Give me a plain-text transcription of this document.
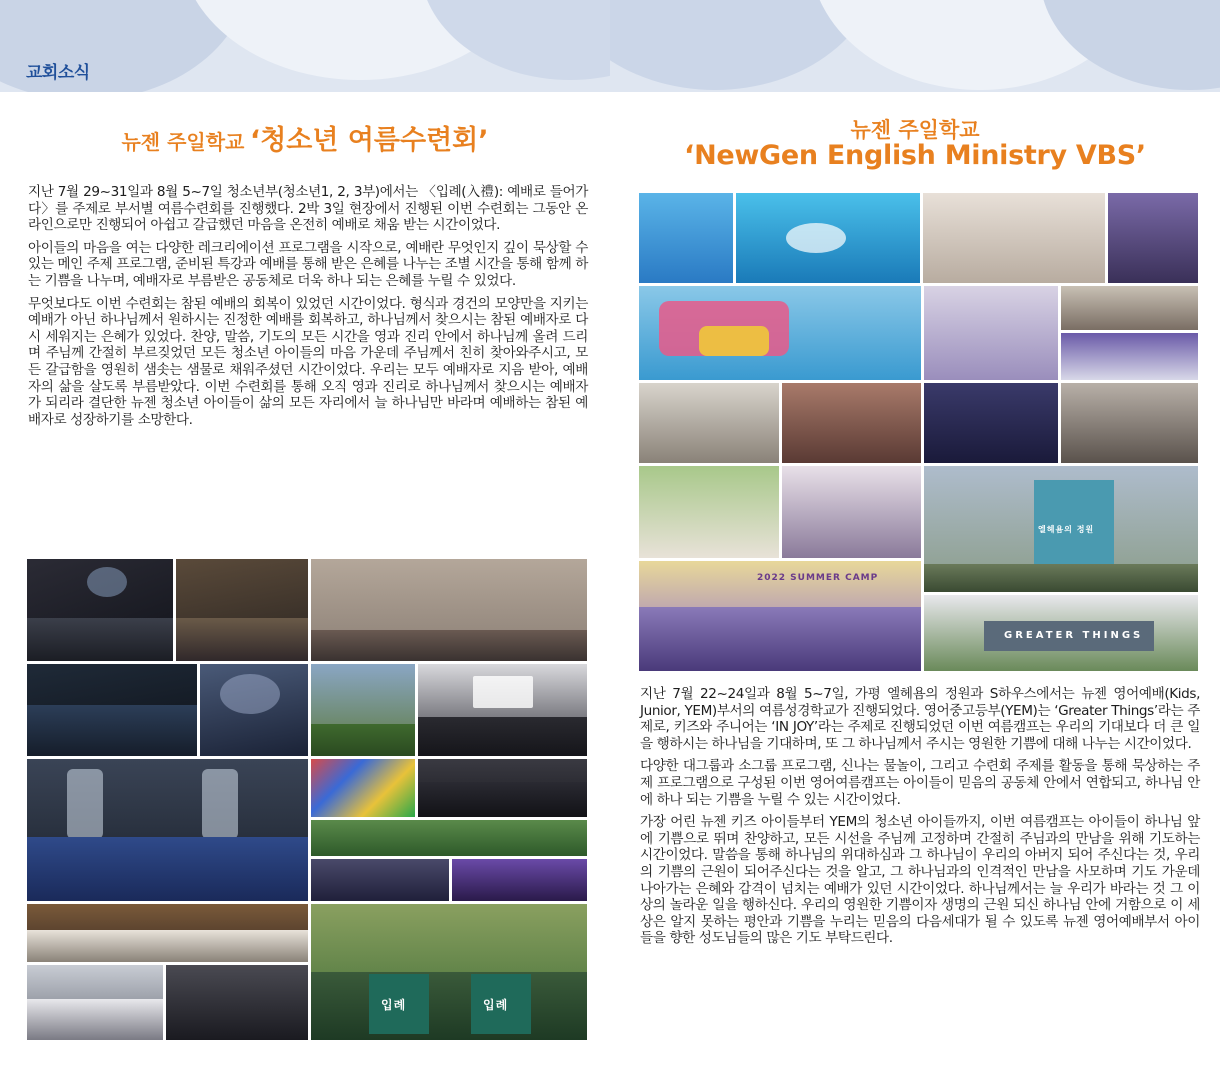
교회소식
뉴젠 주일학교 ‘청소년 여름수련회’

지난 7월 29~31일과 8월 5~7일 청소년부(청소년1, 2, 3부)에서는 〈입례(入禮): 예배로 들어가다〉를 주제로 부서별 여름수련회를 진행했다. 2박 3일 현장에서 진행된 이번 수련회는 그동안 온라인으로만 진행되어 아쉽고 갈급했던 마음을 온전히 예배로 채움 받는 시간이었다.

아이들의 마음을 여는 다양한 레크리에이션 프로그램을 시작으로, 예배란 무엇인지 깊이 묵상할 수 있는 메인 주제 프로그램, 준비된 특강과 예배를 통해 받은 은혜를 나누는 조별 시간을 통해 함께 하는 기쁨을 나누며, 예배자로 부름받은 공동체로 더욱 하나 되는 은혜를 누릴 수 있었다.

무엇보다도 이번 수련회는 참된 예배의 회복이 있었던 시간이었다. 형식과 경건의 모양만을 지키는 예배가 아닌 하나님께서 원하시는 진정한 예배를 회복하고, 하나님께서 찾으시는 참된 예배자로 다시 세워지는 은혜가 있었다. 찬양, 말씀, 기도의 모든 시간을 영과 진리 안에서 하나님께 올려 드리며 주님께 간절히 부르짖었던 모든 청소년 아이들의 마음 가운데 주님께서 친히 찾아와주시고, 모든 갈급함을 영원히 샘솟는 샘물로 채워주셨던 시간이었다. 우리는 모두 예배자로 지음 받아, 예배자의 삶을 살도록 부름받았다. 이번 수련회를 통해 오직 영과 진리로 하나님께서 찾으시는 예배자가 되리라 결단한 뉴젠 청소년 아이들이 삶의 모든 자리에서 늘 하나님만 바라며 예배하는 참된 예배자로 성장하기를 소망한다.

입례	입례
뉴젠 주일학교
‘NewGen English Ministry VBS’
엘헤욤의 정원
2022 SUMMER CAMP
GREATER THINGS

지난 7월 22~24일과 8월 5~7일, 가평 엘헤욤의 정원과 S하우스에서는 뉴젠 영어예배(Kids, Junior, YEM)부서의 여름성경학교가 진행되었다. 영어중고등부(YEM)는 ‘Greater Things’라는 주제로, 키즈와 주니어는 ‘IN JOY’라는 주제로 진행되었던 이번 여름캠프는 우리의 기대보다 더 큰 일을 행하시는 하나님을 기대하며, 또 그 하나님께서 주시는 영원한 기쁨에 대해 나누는 시간이었다.

다양한 대그룹과 소그룹 프로그램, 신나는 물놀이, 그리고 수련회 주제를 활동을 통해 묵상하는 주제 프로그램으로 구성된 이번 영어여름캠프는 아이들이 믿음의 공동체 안에서 연합되고, 하나님 안에 하나 되는 기쁨을 누릴 수 있는 시간이었다.

가장 어린 뉴젠 키즈 아이들부터 YEM의 청소년 아이들까지, 이번 여름캠프는 아이들이 하나님 앞에 기쁨으로 뛰며 찬양하고, 모든 시선을 주님께 고정하며 간절히 주님과의 만남을 위해 기도하는 시간이었다. 말씀을 통해 하나님의 위대하심과 그 하나님이 우리의 아버지 되어 주신다는 것, 우리의 기쁨의 근원이 되어주신다는 것을 알고, 그 하나님과의 인격적인 만남을 사모하며 기도 가운데 나아가는 은혜와 감격이 넘치는 예배가 있던 시간이었다. 하나님께서는 늘 우리가 바라는 것 그 이상의 놀라운 일을 행하신다. 우리의 영원한 기쁨이자 생명의 근원 되신 하나님 안에 거함으로 이 세상은 알지 못하는 평안과 기쁨을 누리는 믿음의 다음세대가 될 수 있도록 뉴젠 영어예배부서 아이들을 향한 성도님들의 많은 기도 부탁드린다.
